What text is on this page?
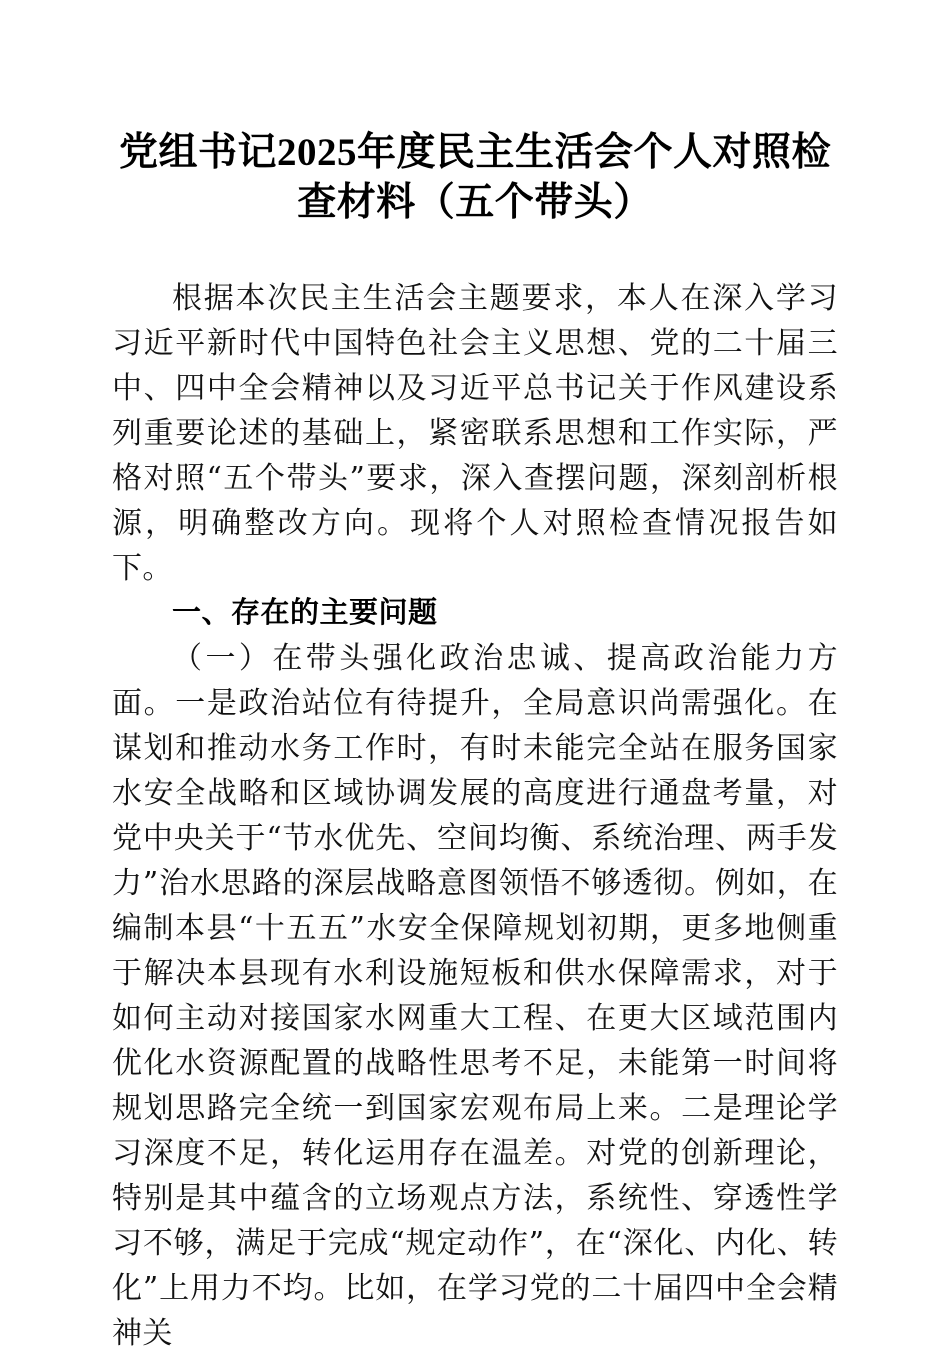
党组书记2025年度民主生活会个人对照检查材料（五个带头）

根据本次民主生活会主题要求，本人在深入学习习近平新时代中国特色社会主义思想、党的二十届三中、四中全会精神以及习近平总书记关于作风建设系列重要论述的基础上，紧密联系思想和工作实际，严格对照“五个带头”要求，深入查摆问题，深刻剖析根源，明确整改方向。现将个人对照检查情况报告如下。

一、存在的主要问题

（一）在带头强化政治忠诚、提高政治能力方面。一是政治站位有待提升，全局意识尚需强化。在谋划和推动水务工作时，有时未能完全站在服务国家水安全战略和区域协调发展的高度进行通盘考量，对党中央关于“节水优先、空间均衡、系统治理、两手发力”治水思路的深层战略意图领悟不够透彻。例如，在编制本县“十五五”水安全保障规划初期，更多地侧重于解决本县现有水利设施短板和供水保障需求，对于如何主动对接国家水网重大工程、在更大区域范围内优化水资源配置的战略性思考不足，未能第一时间将规划思路完全统一到国家宏观布局上来。二是理论学习深度不足，转化运用存在温差。对党的创新理论，特别是其中蕴含的立场观点方法，系统性、穿透性学习不够，满足于完成“规定动作”，在“深化、内化、转化”上用力不均。比如，在学习党的二十届四中全会精神关
